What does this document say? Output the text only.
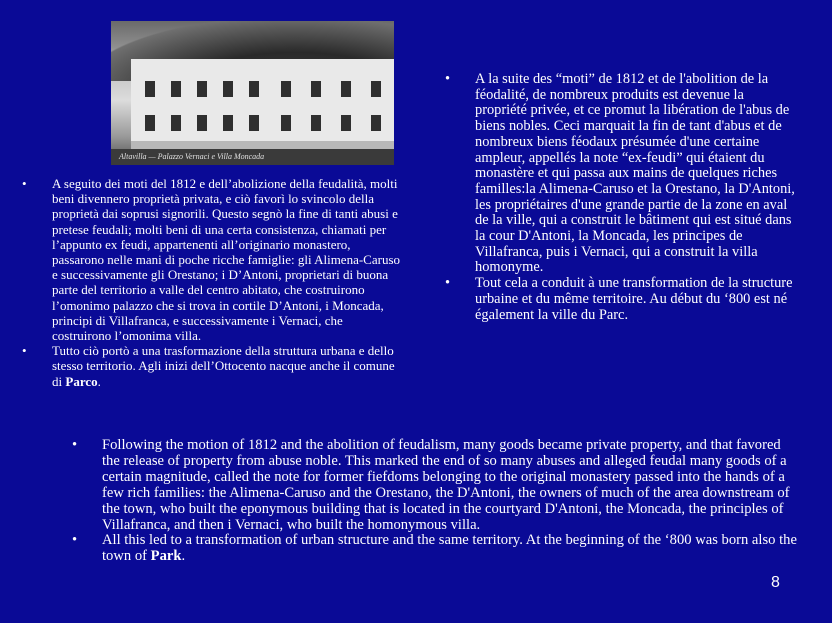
Altavilla — Palazzo Vernaci e Villa Moncada
• A seguito dei moti del 1812 e dell’abolizione della feudalità, molti beni divennero proprietà privata, e ciò favorì lo svincolo della proprietà dai soprusi signorili. Questo segnò la fine di tanti abusi e pretese feudali; molti beni di una certa consistenza, chiamati per l’appunto ex feudi, appartenenti all’originario monastero, passarono nelle mani di poche ricche famiglie: gli Alimena-Caruso e successivamente gli Orestano; i D’Antoni, proprietari di buona parte del territorio a valle del centro abitato, che costruirono l’omonimo palazzo che si trova in cortile D’Antoni, i Moncada, principi di Villafranca, e successivamente i Vernaci, che costruirono l’omonima villa.
• Tutto ciò portò a una trasformazione della struttura urbana e dello stesso territorio. Agli inizi dell’Ottocento nacque anche il comune di Parco.
• A la suite des “moti” de 1812 et de l'abolition de la féodalité, de nombreux produits est devenue la propriété privée, et ce promut la libération de l'abus de biens nobles. Ceci marquait la fin de tant d'abus et de nombreux biens féodaux présumée d'une certaine ampleur, appellés la note “ex-feudi” qui étaient du monastère et qui passa aux mains de quelques riches familles:la Alimena-Caruso et la Orestano, la D'Antoni, les propriétaires d'une grande partie de la zone en aval de la ville, qui a construit le bâtiment qui est situé dans la cour D'Antoni, la Moncada, les principes de Villafranca, puis i Vernaci, qui a construit la villa homonyme.
• Tout cela a conduit à une transformation de la structure urbaine et du même territoire. Au début du ‘800 est né également la ville du Parc.
• Following the motion of 1812 and the abolition of feudalism, many goods became private property, and that favored the release of property from abuse noble. This marked the end of so many abuses and alleged feudal many goods of a certain magnitude, called the note for former fiefdoms belonging to the original monastery passed into the hands of a few rich families: the Alimena-Caruso and the Orestano, the D'Antoni, the owners of much of the area downstream of the town, who built the eponymous building that is located in the courtyard D'Antoni, the Moncada, the principles of Villafranca, and then i Vernaci, who built the homonymous villa.
• All this led to a transformation of urban structure and the same territory. At the beginning of the ‘800 was born also the town of Park.
8
